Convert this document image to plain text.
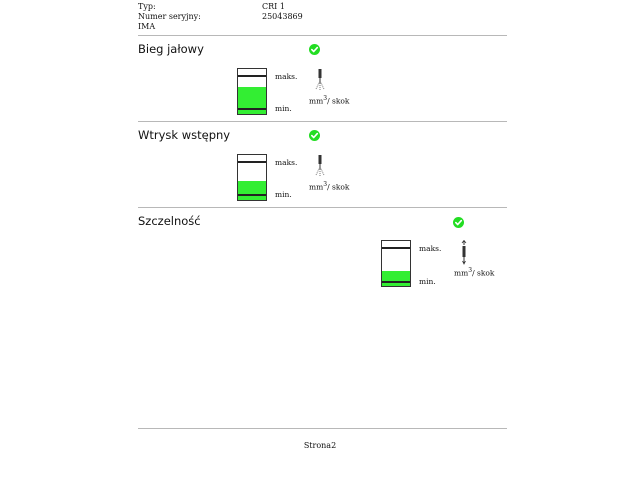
Typ:	CRI 1
Numer seryjny:	25043869
IMA
Bieg jałowy
maks.
min.
$mm^3/$ skok
Wtrysk wstępny
maks.
min.
$mm^3/$ skok
Szczelność
maks.
min.
$mm^3/$ skok
Strona2
